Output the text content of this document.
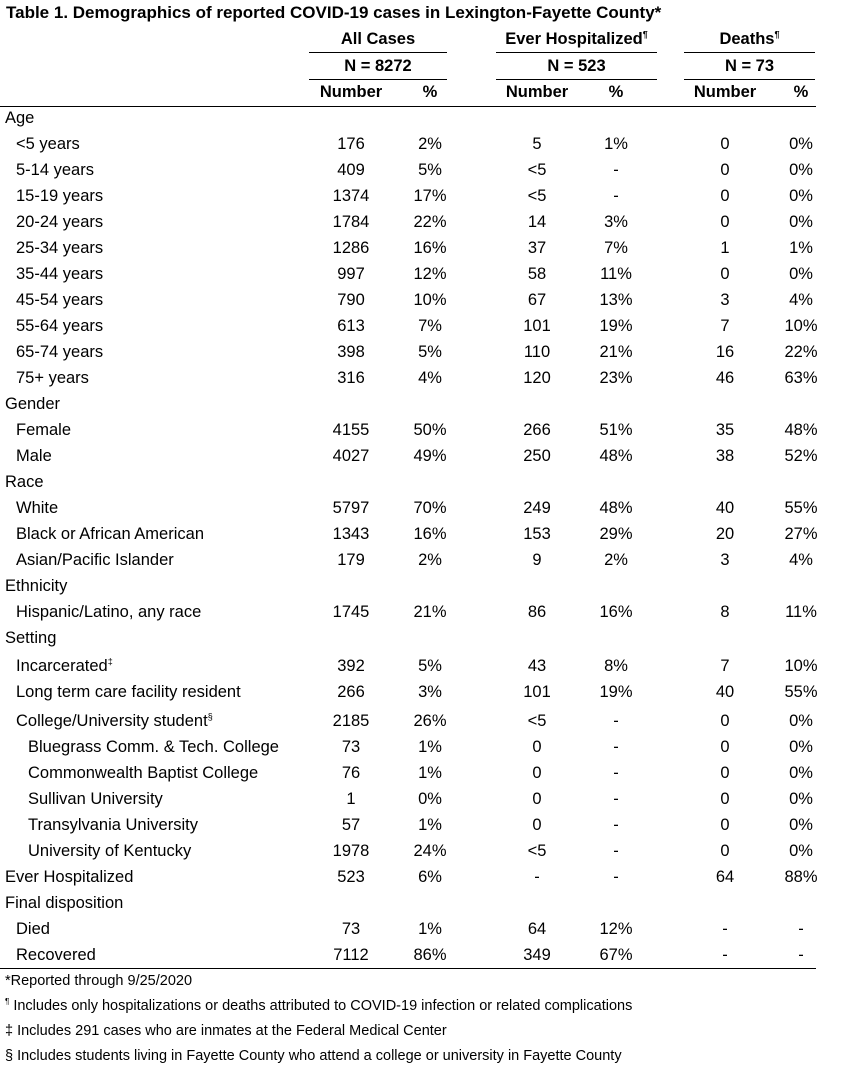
Table 1. Demographics of reported COVID-19 cases in Lexington-Fayette County*
All Cases	Ever Hospitalized¶	Deaths¶
N = 8272	N = 523	N = 73
Number	%	Number	%	Number	%
Age
<5 years	176	2%	5	1%	0	0%
5-14 years	409	5%	<5	-	0	0%
15-19 years	1374	17%	<5	-	0	0%
20-24 years	1784	22%	14	3%	0	0%
25-34 years	1286	16%	37	7%	1	1%
35-44 years	997	12%	58	11%	0	0%
45-54 years	790	10%	67	13%	3	4%
55-64 years	613	7%	101	19%	7	10%
65-74 years	398	5%	110	21%	16	22%
75+ years	316	4%	120	23%	46	63%
Gender
Female	4155	50%	266	51%	35	48%
Male	4027	49%	250	48%	38	52%
Race
White	5797	70%	249	48%	40	55%
Black or African American	1343	16%	153	29%	20	27%
Asian/Pacific Islander	179	2%	9	2%	3	4%
Ethnicity
Hispanic/Latino, any race	1745	21%	86	16%	8	11%
Setting
Incarcerated‡	392	5%	43	8%	7	10%
Long term care facility resident	266	3%	101	19%	40	55%
College/University student§	2185	26%	<5	-	0	0%
Bluegrass Comm. & Tech. College	73	1%	0	-	0	0%
Commonwealth Baptist College	76	1%	0	-	0	0%
Sullivan University	1	0%	0	-	0	0%
Transylvania University	57	1%	0	-	0	0%
University of Kentucky	1978	24%	<5	-	0	0%
Ever Hospitalized	523	6%	-	-	64	88%
Final disposition
Died	73	1%	64	12%	-	-
Recovered	7112	86%	349	67%	-	-
*Reported through 9/25/2020
¶ Includes only hospitalizations or deaths attributed to COVID-19 infection or related complications
‡ Includes 291 cases who are inmates at the Federal Medical Center
§ Includes students living in Fayette County who attend a college or university in Fayette County
